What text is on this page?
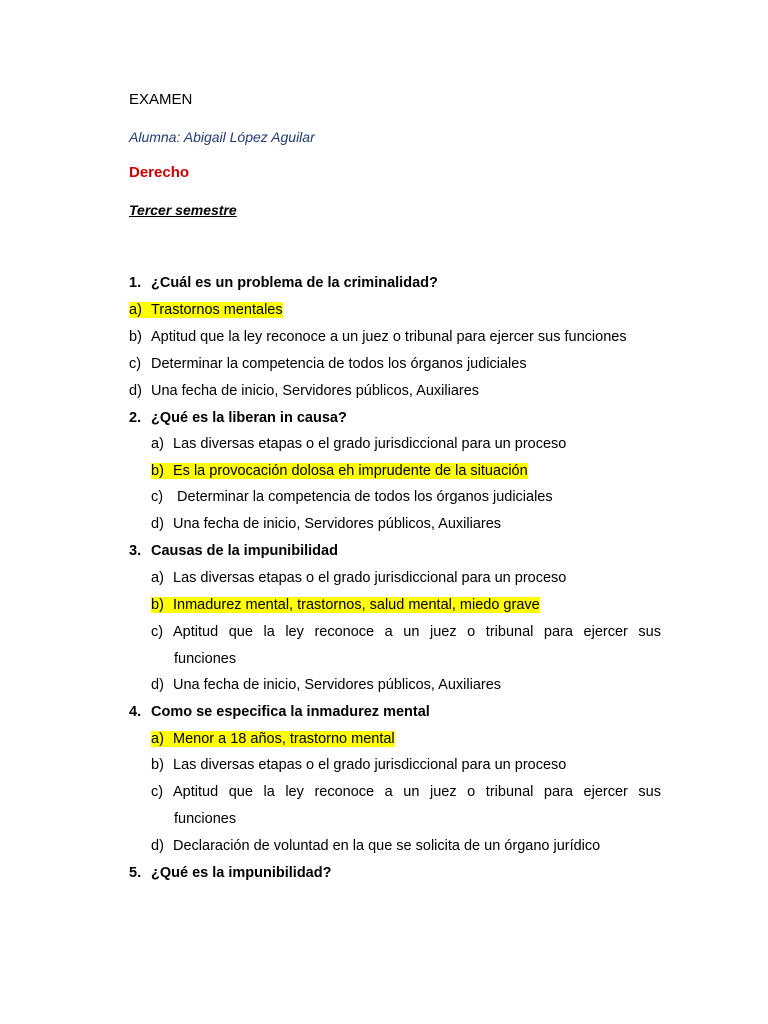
EXAMEN
Alumna: Abigail López Aguilar
Derecho
Tercer semestre
1. ¿Cuál es un problema de la criminalidad?
a) Trastornos mentales
b) Aptitud que la ley reconoce a un juez o tribunal para ejercer sus funciones
c) Determinar la competencia de todos los órganos judiciales
d) Una fecha de inicio, Servidores públicos, Auxiliares
2. ¿Qué es la liberan in causa?
a) Las diversas etapas o el grado jurisdiccional para un proceso
b) Es la provocación dolosa eh imprudente de la situación
c) Determinar la competencia de todos los órganos judiciales
d) Una fecha de inicio, Servidores públicos, Auxiliares
3. Causas de la impunibilidad
a) Las diversas etapas o el grado jurisdiccional para un proceso
b) Inmadurez mental, trastornos, salud mental, miedo grave
c) Aptitud que la ley reconoce a un juez o tribunal para ejercer sus
funciones
d) Una fecha de inicio, Servidores públicos, Auxiliares
4. Como se especifica la inmadurez mental
a) Menor a 18 años, trastorno mental
b) Las diversas etapas o el grado jurisdiccional para un proceso
c) Aptitud que la ley reconoce a un juez o tribunal para ejercer sus
funciones
d) Declaración de voluntad en la que se solicita de un órgano jurídico
5. ¿Qué es la impunibilidad?
